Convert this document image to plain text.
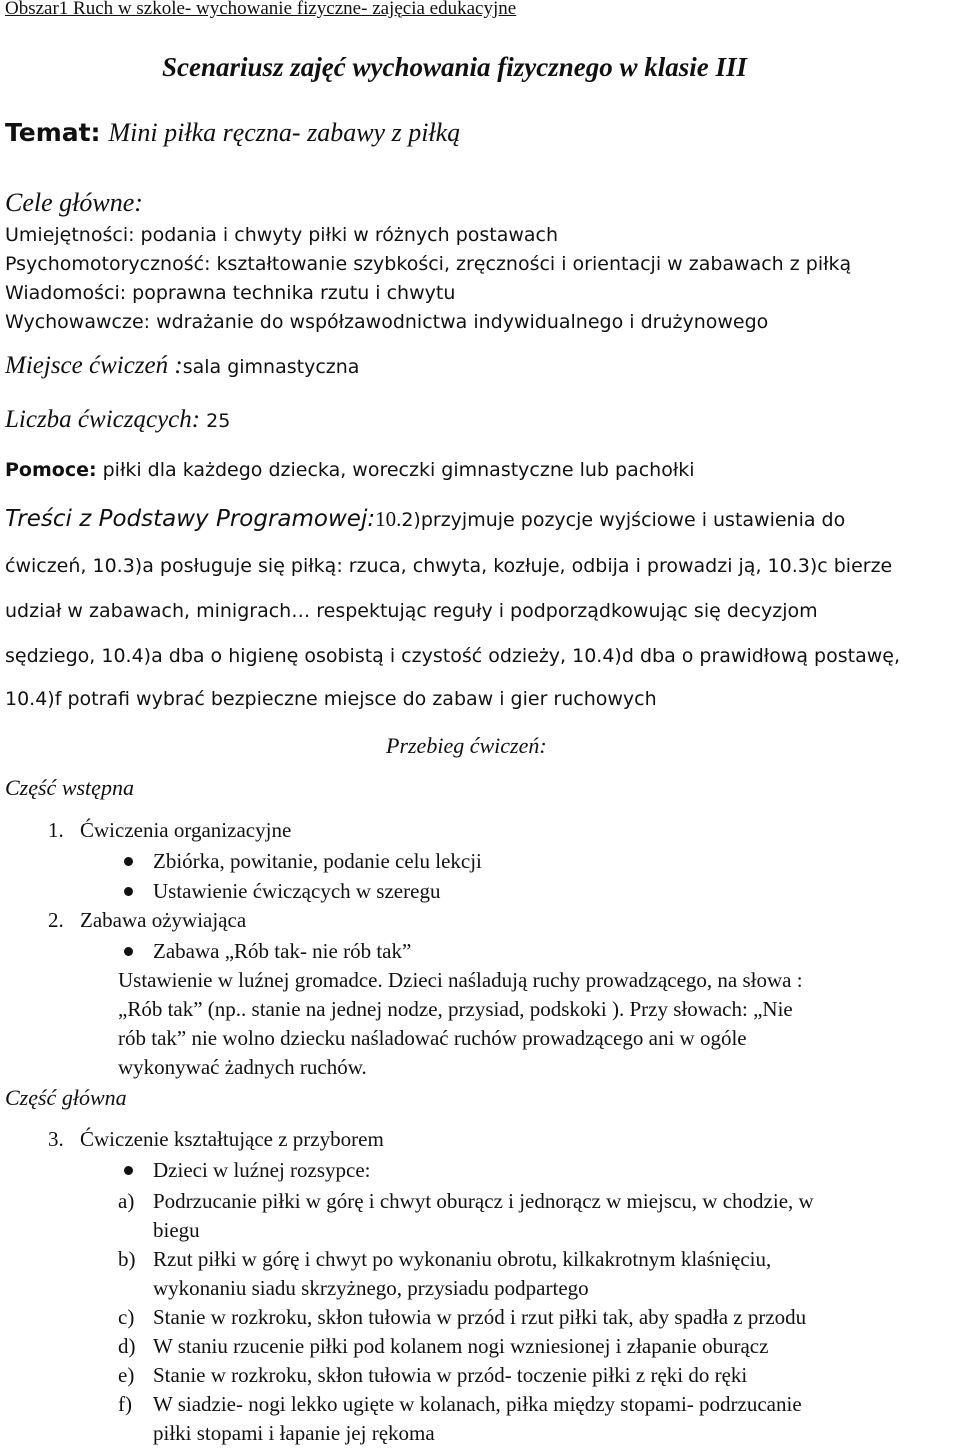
Obszar1 Ruch w szkole- wychowanie fizyczne- zajęcia edukacyjne
Scenariusz zajęć wychowania fizycznego w klasie III
Temat: Mini piłka ręczna- zabawy z piłką
Cele główne:
Umiejętności: podania i chwyty piłki w różnych postawach
Psychomotoryczność: kształtowanie szybkości, zręczności i orientacji w zabawach z piłką
Wiadomości: poprawna technika rzutu i chwytu
Wychowawcze: wdrażanie do współzawodnictwa indywidualnego i drużynowego
Miejsce ćwiczeń :sala gimnastyczna
Liczba ćwiczących: 25
Pomoce: piłki dla każdego dziecka, woreczki gimnastyczne lub pachołki
Treści z Podstawy Programowej:10.2)przyjmuje pozycje wyjściowe i ustawienia do
ćwiczeń, 10.3)a posługuje się piłką: rzuca, chwyta, kozłuje, odbija i prowadzi ją, 10.3)c bierze
udział w zabawach, minigrach… respektując reguły i podporządkowując się decyzjom
sędziego, 10.4)a dba o higienę osobistą i czystość odzieży, 10.4)d dba o prawidłową postawę,
10.4)f potrafi wybrać bezpieczne miejsce do zabaw i gier ruchowych
Przebieg ćwiczeń:
Część wstępna
1. Ćwiczenia organizacyjne
Zbiórka, powitanie, podanie celu lekcji
Ustawienie ćwiczących w szeregu
2. Zabawa ożywiająca
Zabawa „Rób tak- nie rób tak”
Ustawienie w luźnej gromadce. Dzieci naśladują ruchy prowadzącego, na słowa :
„Rób tak” (np.. stanie na jednej nodze, przysiad, podskoki ). Przy słowach: „Nie
rób tak” nie wolno dziecku naśladować ruchów prowadzącego ani w ogóle
wykonywać żadnych ruchów.
Część główna
3. Ćwiczenie kształtujące z przyborem
Dzieci w luźnej rozsypce:
a) Podrzucanie piłki w górę i chwyt oburącz i jednorącz w miejscu, w chodzie, w
biegu
b) Rzut piłki w górę i chwyt po wykonaniu obrotu, kilkakrotnym klaśnięciu,
wykonaniu siadu skrzyżnego, przysiadu podpartego
c) Stanie w rozkroku, skłon tułowia w przód i rzut piłki tak, aby spadła z przodu
d) W staniu rzucenie piłki pod kolanem nogi wzniesionej i złapanie oburącz
e) Stanie w rozkroku, skłon tułowia w przód- toczenie piłki z ręki do ręki
f) W siadzie- nogi lekko ugięte w kolanach, piłka między stopami- podrzucanie
piłki stopami i łapanie jej rękoma
